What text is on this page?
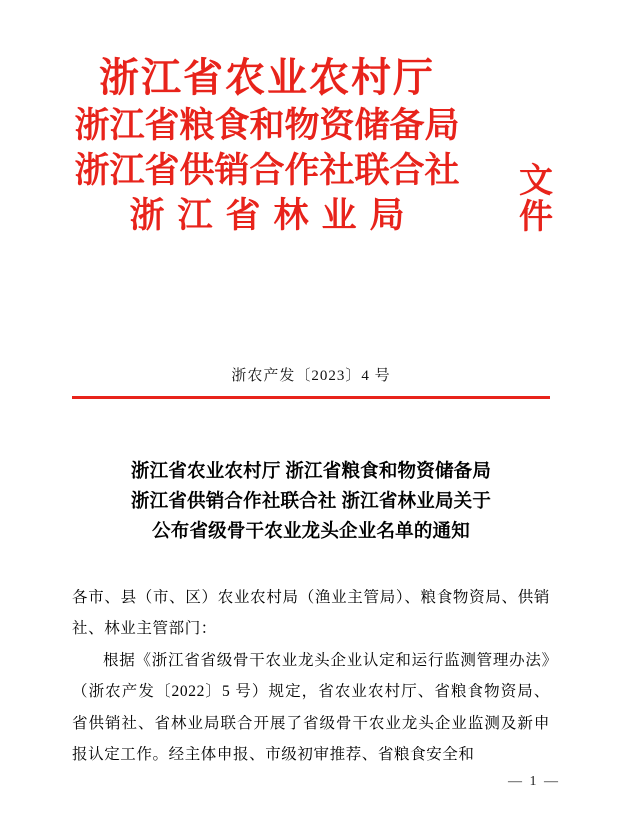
浙江省农业农村厅
浙江省粮食和物资储备局
浙江省供销合作社联合社
浙江省林业局
文件
浙农产发〔2023〕4 号
浙江省农业农村厅 浙江省粮食和物资储备局
浙江省供销合作社联合社 浙江省林业局关于
公布省级骨干农业龙头企业名单的通知

各市、县（市、区）农业农村局（渔业主管局）、粮食物资局、供销社、林业主管部门：

根据《浙江省省级骨干农业龙头企业认定和运行监测管理办法》（浙农产发〔2022〕5 号）规定，省农业农村厅、省粮食物资局、省供销社、省林业局联合开展了省级骨干农业龙头企业监测及新申报认定工作。经主体申报、市级初审推荐、省粮食安全和

— 1 —
